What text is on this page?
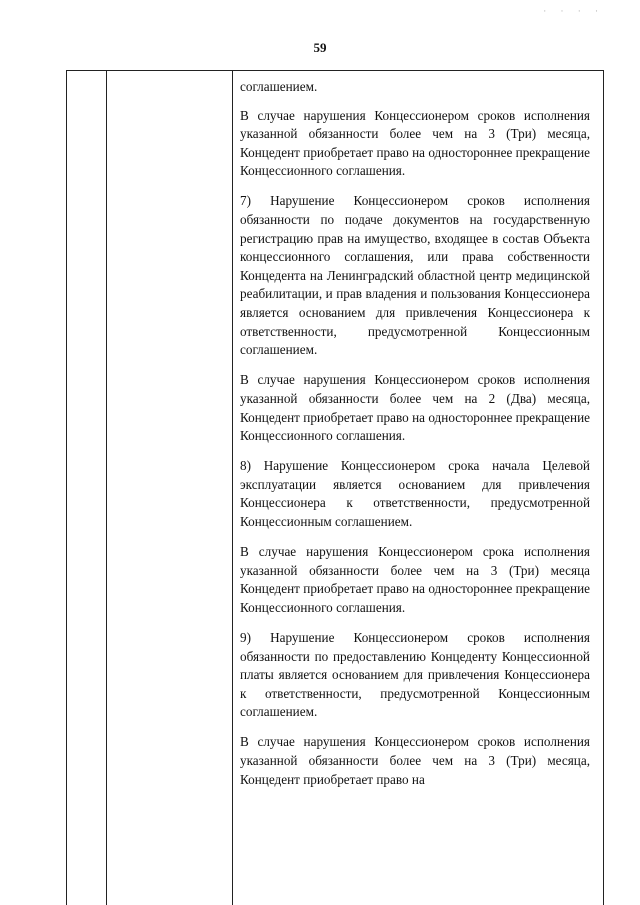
· · · ·
59

соглашением.

В случае нарушения Концессионером сроков исполнения указанной обязанности более чем на 3 (Три) месяца, Концедент приобретает право на одностороннее прекращение Концессионного соглашения.

7) Нарушение Концессионером сроков исполнения обязанности по подаче документов на государственную регистрацию прав на имущество, входящее в состав Объекта концессионного соглашения, или права собственности Концедента на Ленинградский областной центр медицинской реабилитации, и прав владения и пользования Концессионера является основанием для привлечения Концессионера к ответственности, предусмотренной Концессионным соглашением.

В случае нарушения Концессионером сроков исполнения указанной обязанности более чем на 2 (Два) месяца, Концедент приобретает право на одностороннее прекращение Концессионного соглашения.

8) Нарушение Концессионером срока начала Целевой эксплуатации является основанием для привлечения Концессионера к ответственности, предусмотренной Концессионным соглашением.

В случае нарушения Концессионером срока исполнения указанной обязанности более чем на 3 (Три) месяца Концедент приобретает право на одностороннее прекращение Концессионного соглашения.

9) Нарушение Концессионером сроков исполнения обязанности по предоставлению Концеденту Концессионной платы является основанием для привлечения Концессионера к ответственности, предусмотренной Концессионным соглашением.

В случае нарушения Концессионером сроков исполнения указанной обязанности более чем на 3 (Три) месяца, Концедент приобретает право на
